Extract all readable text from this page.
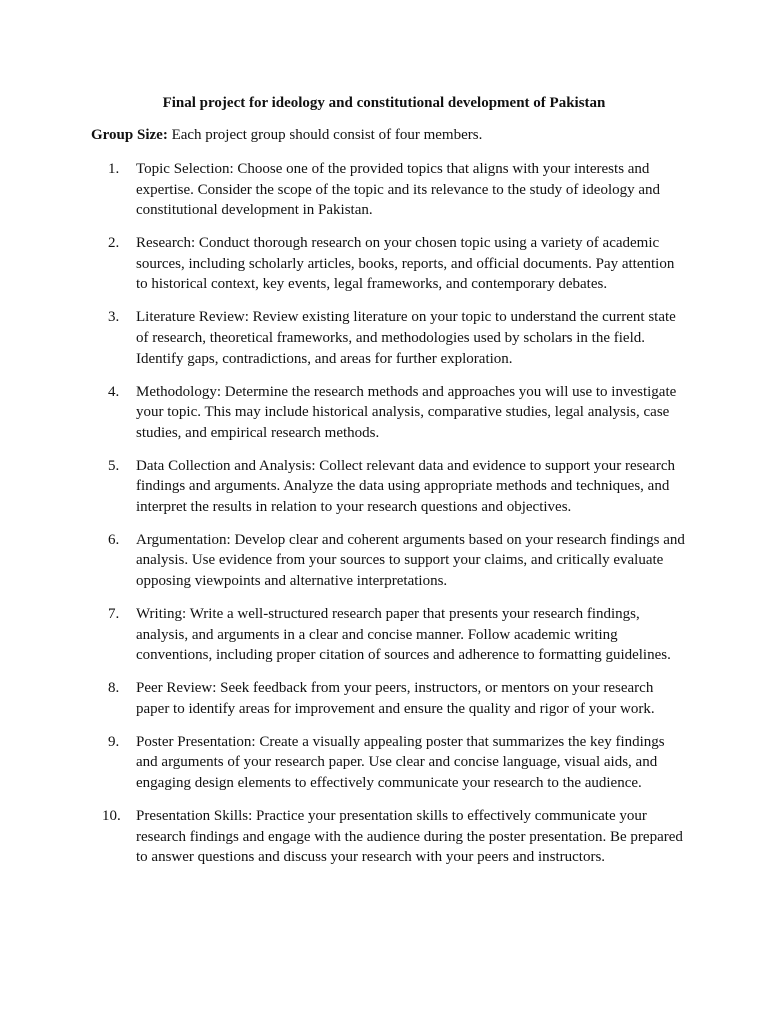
Final project for ideology and constitutional development of Pakistan

Group Size: Each project group should consist of four members.

1.	Topic Selection: Choose one of the provided topics that aligns with your interests and expertise. Consider the scope of the topic and its relevance to the study of ideology and constitutional development in Pakistan.
2.	Research: Conduct thorough research on your chosen topic using a variety of academic sources, including scholarly articles, books, reports, and official documents. Pay attention to historical context, key events, legal frameworks, and contemporary debates.
3.	Literature Review: Review existing literature on your topic to understand the current state of research, theoretical frameworks, and methodologies used by scholars in the field. Identify gaps, contradictions, and areas for further exploration.
4.	Methodology: Determine the research methods and approaches you will use to investigate your topic. This may include historical analysis, comparative studies, legal analysis, case studies, and empirical research methods.
5.	Data Collection and Analysis: Collect relevant data and evidence to support your research findings and arguments. Analyze the data using appropriate methods and techniques, and interpret the results in relation to your research questions and objectives.
6.	Argumentation: Develop clear and coherent arguments based on your research findings and analysis. Use evidence from your sources to support your claims, and critically evaluate opposing viewpoints and alternative interpretations.
7.	Writing: Write a well-structured research paper that presents your research findings, analysis, and arguments in a clear and concise manner. Follow academic writing conventions, including proper citation of sources and adherence to formatting guidelines.
8.	Peer Review: Seek feedback from your peers, instructors, or mentors on your research paper to identify areas for improvement and ensure the quality and rigor of your work.
9.	Poster Presentation: Create a visually appealing poster that summarizes the key findings and arguments of your research paper. Use clear and concise language, visual aids, and engaging design elements to effectively communicate your research to the audience.
10.	Presentation Skills: Practice your presentation skills to effectively communicate your research findings and engage with the audience during the poster presentation. Be prepared to answer questions and discuss your research with your peers and instructors.
